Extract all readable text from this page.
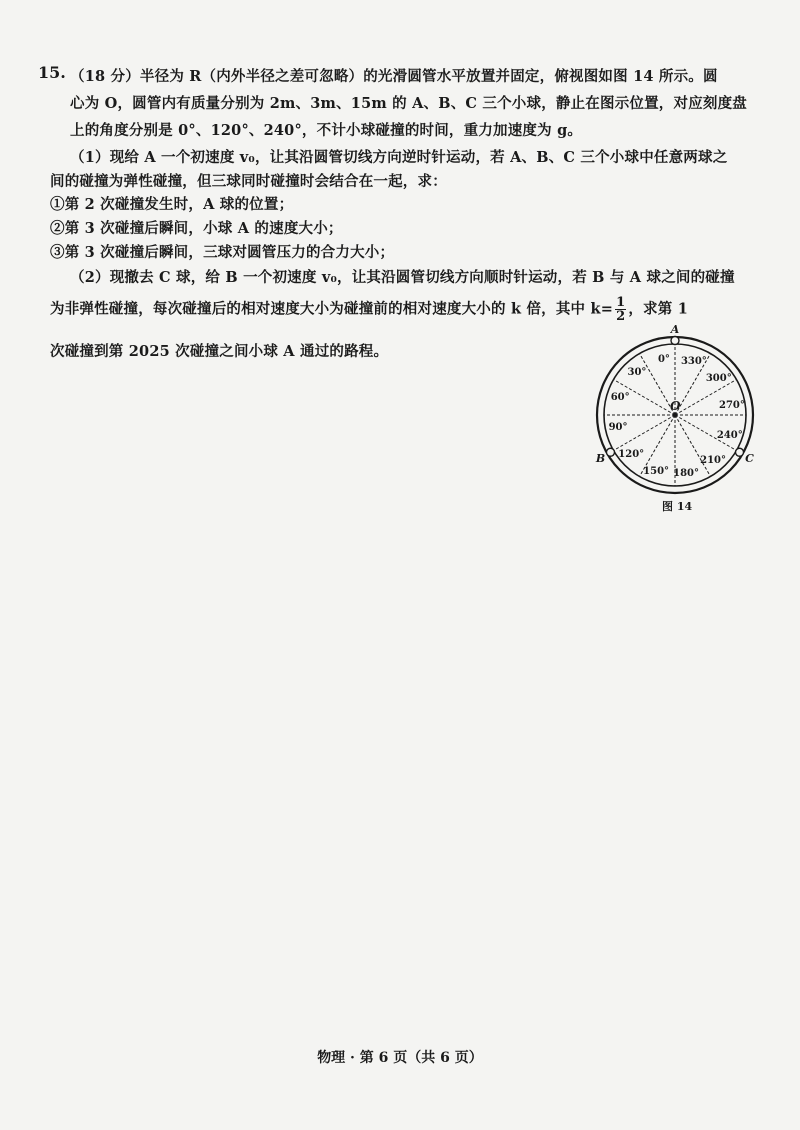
15. （18 分）半径为 R（内外半径之差可忽略）的光滑圆管水平放置并固定，俯视图如图 14 所示。圆
心为 O，圆管内有质量分别为 2m、3m、15m 的 A、B、C 三个小球，静止在图示位置，对应刻度盘
上的角度分别是 0°、120°、240°，不计小球碰撞的时间，重力加速度为 g。
（1）现给 A 一个初速度 v₀，让其沿圆管切线方向逆时针运动，若 A、B、C 三个小球中任意两球之
间的碰撞为弹性碰撞，但三球同时碰撞时会结合在一起，求：
①第 2 次碰撞发生时，A 球的位置；
②第 3 次碰撞后瞬间，小球 A 的速度大小；
③第 3 次碰撞后瞬间，三球对圆管压力的合力大小；
（2）现撤去 C 球，给 B 一个初速度 v₀，让其沿圆管切线方向顺时针运动，若 B 与 A 球之间的碰撞
为非弹性碰撞，每次碰撞后的相对速度大小为碰撞前的相对速度大小的 k 倍，其中 $k= \frac{1}{2}$ ，求第 1
次碰撞到第 2025 次碰撞之间小球 A 通过的路程。	0°
30°
60°
90°
120°
150° 180°
210°
240°
270°
300°
330°
O
A
B	C
图 14
物理 · 第 6 页（共 6 页）
